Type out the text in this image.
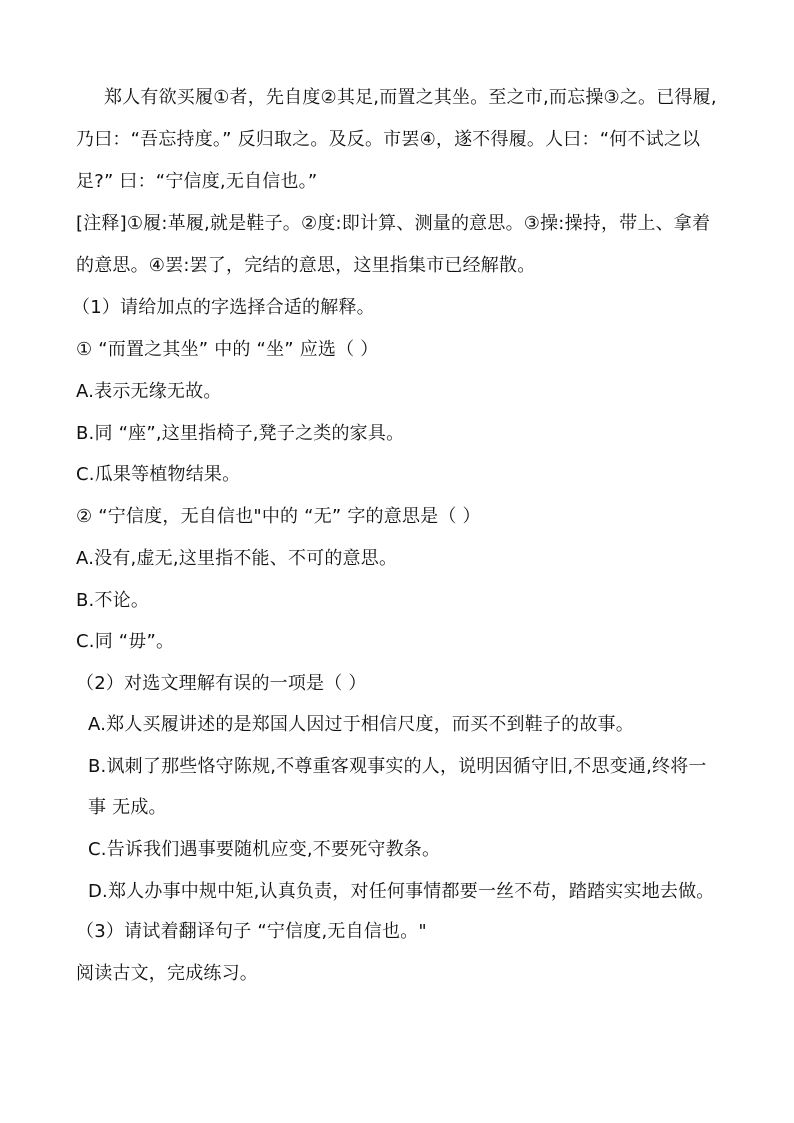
郑人有欲买履①者，先自度②其足,而置之其坐。至之市,而忘操③之。已得履,
乃曰：“吾忘持度。” 反归取之。及反。市罢④，遂不得履。人曰：“何不试之以
足?” 曰：“宁信度,无自信也。”
[注释]①履:革履,就是鞋子。②度:即计算、测量的意思。③操:操持，带上、拿着
的意思。④罢:罢了，完结的意思，这里指集市已经解散。
（1）请给加点的字选择合适的解释。
① “而置之其坐” 中的 “坐” 应选（ ）
A.表示无缘无故。
B.同 “座”,这里指椅子,凳子之类的家具。
C.瓜果等植物结果。
② “宁信度，无自信也"中的 “无” 字的意思是（ ）
A.没有,虚无,这里指不能、不可的意思。
B.不论。
C.同 “毋”。
（2）对选文理解有误的一项是（ ）
A.郑人买履讲述的是郑国人因过于相信尺度，而买不到鞋子的故事。
B.讽刺了那些恪守陈规,不尊重客观事实的人，说明因循守旧,不思变通,终将一
事 无成。
C.告诉我们遇事要随机应变,不要死守教条。
D.郑人办事中规中矩,认真负责，对任何事情都要一丝不苟，踏踏实实地去做。
（3）请试着翻译句子 “宁信度,无自信也。"
阅读古文，完成练习。
